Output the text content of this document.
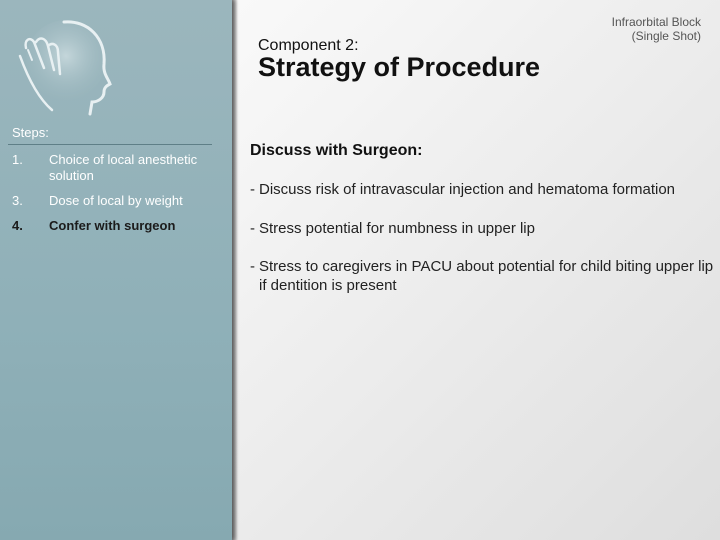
Steps:
1. Choice of local anesthetic solution
3. Dose of local by weight
4. Confer with surgeon
Infraorbital Block
(Single Shot)
Component 2:
Strategy of Procedure
Discuss with Surgeon:
- Discuss risk of intravascular injection and hematoma formation
- Stress potential for numbness in upper lip
- Stress to caregivers in PACU about potential for child biting upper lip if dentition is present
